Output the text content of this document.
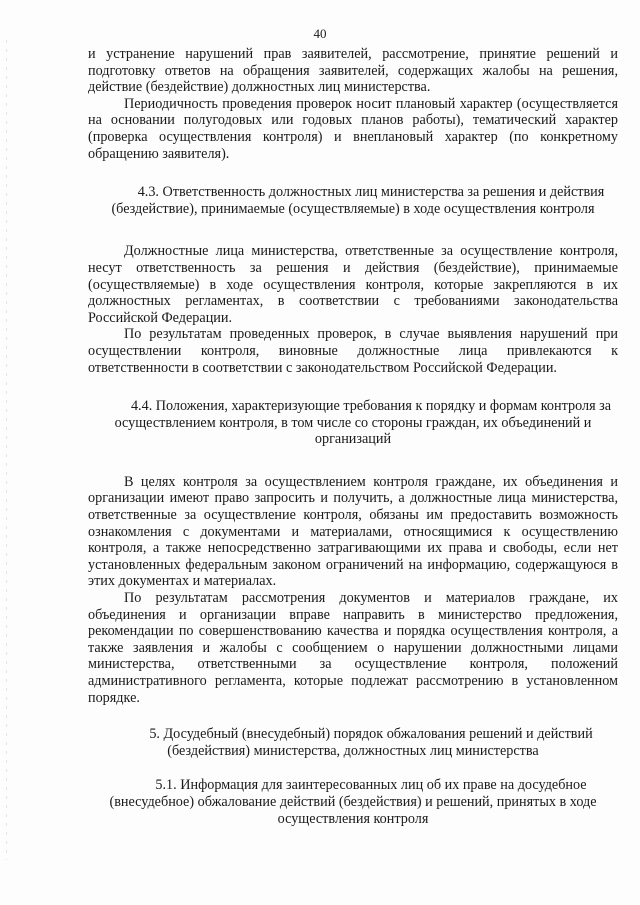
40

и устранение нарушений прав заявителей, рассмотрение, принятие решений и подготовку ответов на обращения заявителей, содержащих жалобы на решения, действие (бездействие) должностных лиц министерства.

Периодичность проведения проверок носит плановый характер (осуществляется на основании полугодовых или годовых планов работы), тематический характер (проверка осуществления контроля) и внеплановый характер (по конкретному обращению заявителя).

4.3. Ответственность должностных лиц министерства за решения и действия (бездействие), принимаемые (осуществляемые) в ходе осуществления контроля

Должностные лица министерства, ответственные за осуществление контроля, несут ответственность за решения и действия (бездействие), принимаемые (осуществляемые) в ходе осуществления контроля, которые закрепляются в их должностных регламентах, в соответствии с требованиями законодательства Российской Федерации.

По результатам проведенных проверок, в случае выявления нарушений при осуществлении контроля, виновные должностные лица привлекаются к ответственности в соответствии с законодательством Российской Федерации.

4.4. Положения, характеризующие требования к порядку и формам контроля за осуществлением контроля, в том числе со стороны граждан, их объединений и организаций

В целях контроля за осуществлением контроля граждане, их объединения и организации имеют право запросить и получить, а должностные лица министерства, ответственные за осуществление контроля, обязаны им предоставить возможность ознакомления с документами и материалами, относящимися к осуществлению контроля, а также непосредственно затрагивающими их права и свободы, если нет установленных федеральным законом ограничений на информацию, содержащуюся в этих документах и материалах.

По результатам рассмотрения документов и материалов граждане, их объединения и организации вправе направить в министерство предложения, рекомендации по совершенствованию качества и порядка осуществления контроля, а также заявления и жалобы с сообщением о нарушении должностными лицами министерства, ответственными за осуществление контроля, положений административного регламента, которые подлежат рассмотрению в установленном порядке.

5. Досудебный (внесудебный) порядок обжалования решений и действий (бездействия) министерства, должностных лиц министерства

5.1. Информация для заинтересованных лиц об их праве на досудебное (внесудебное) обжалование действий (бездействия) и решений, принятых в ходе осуществления контроля
